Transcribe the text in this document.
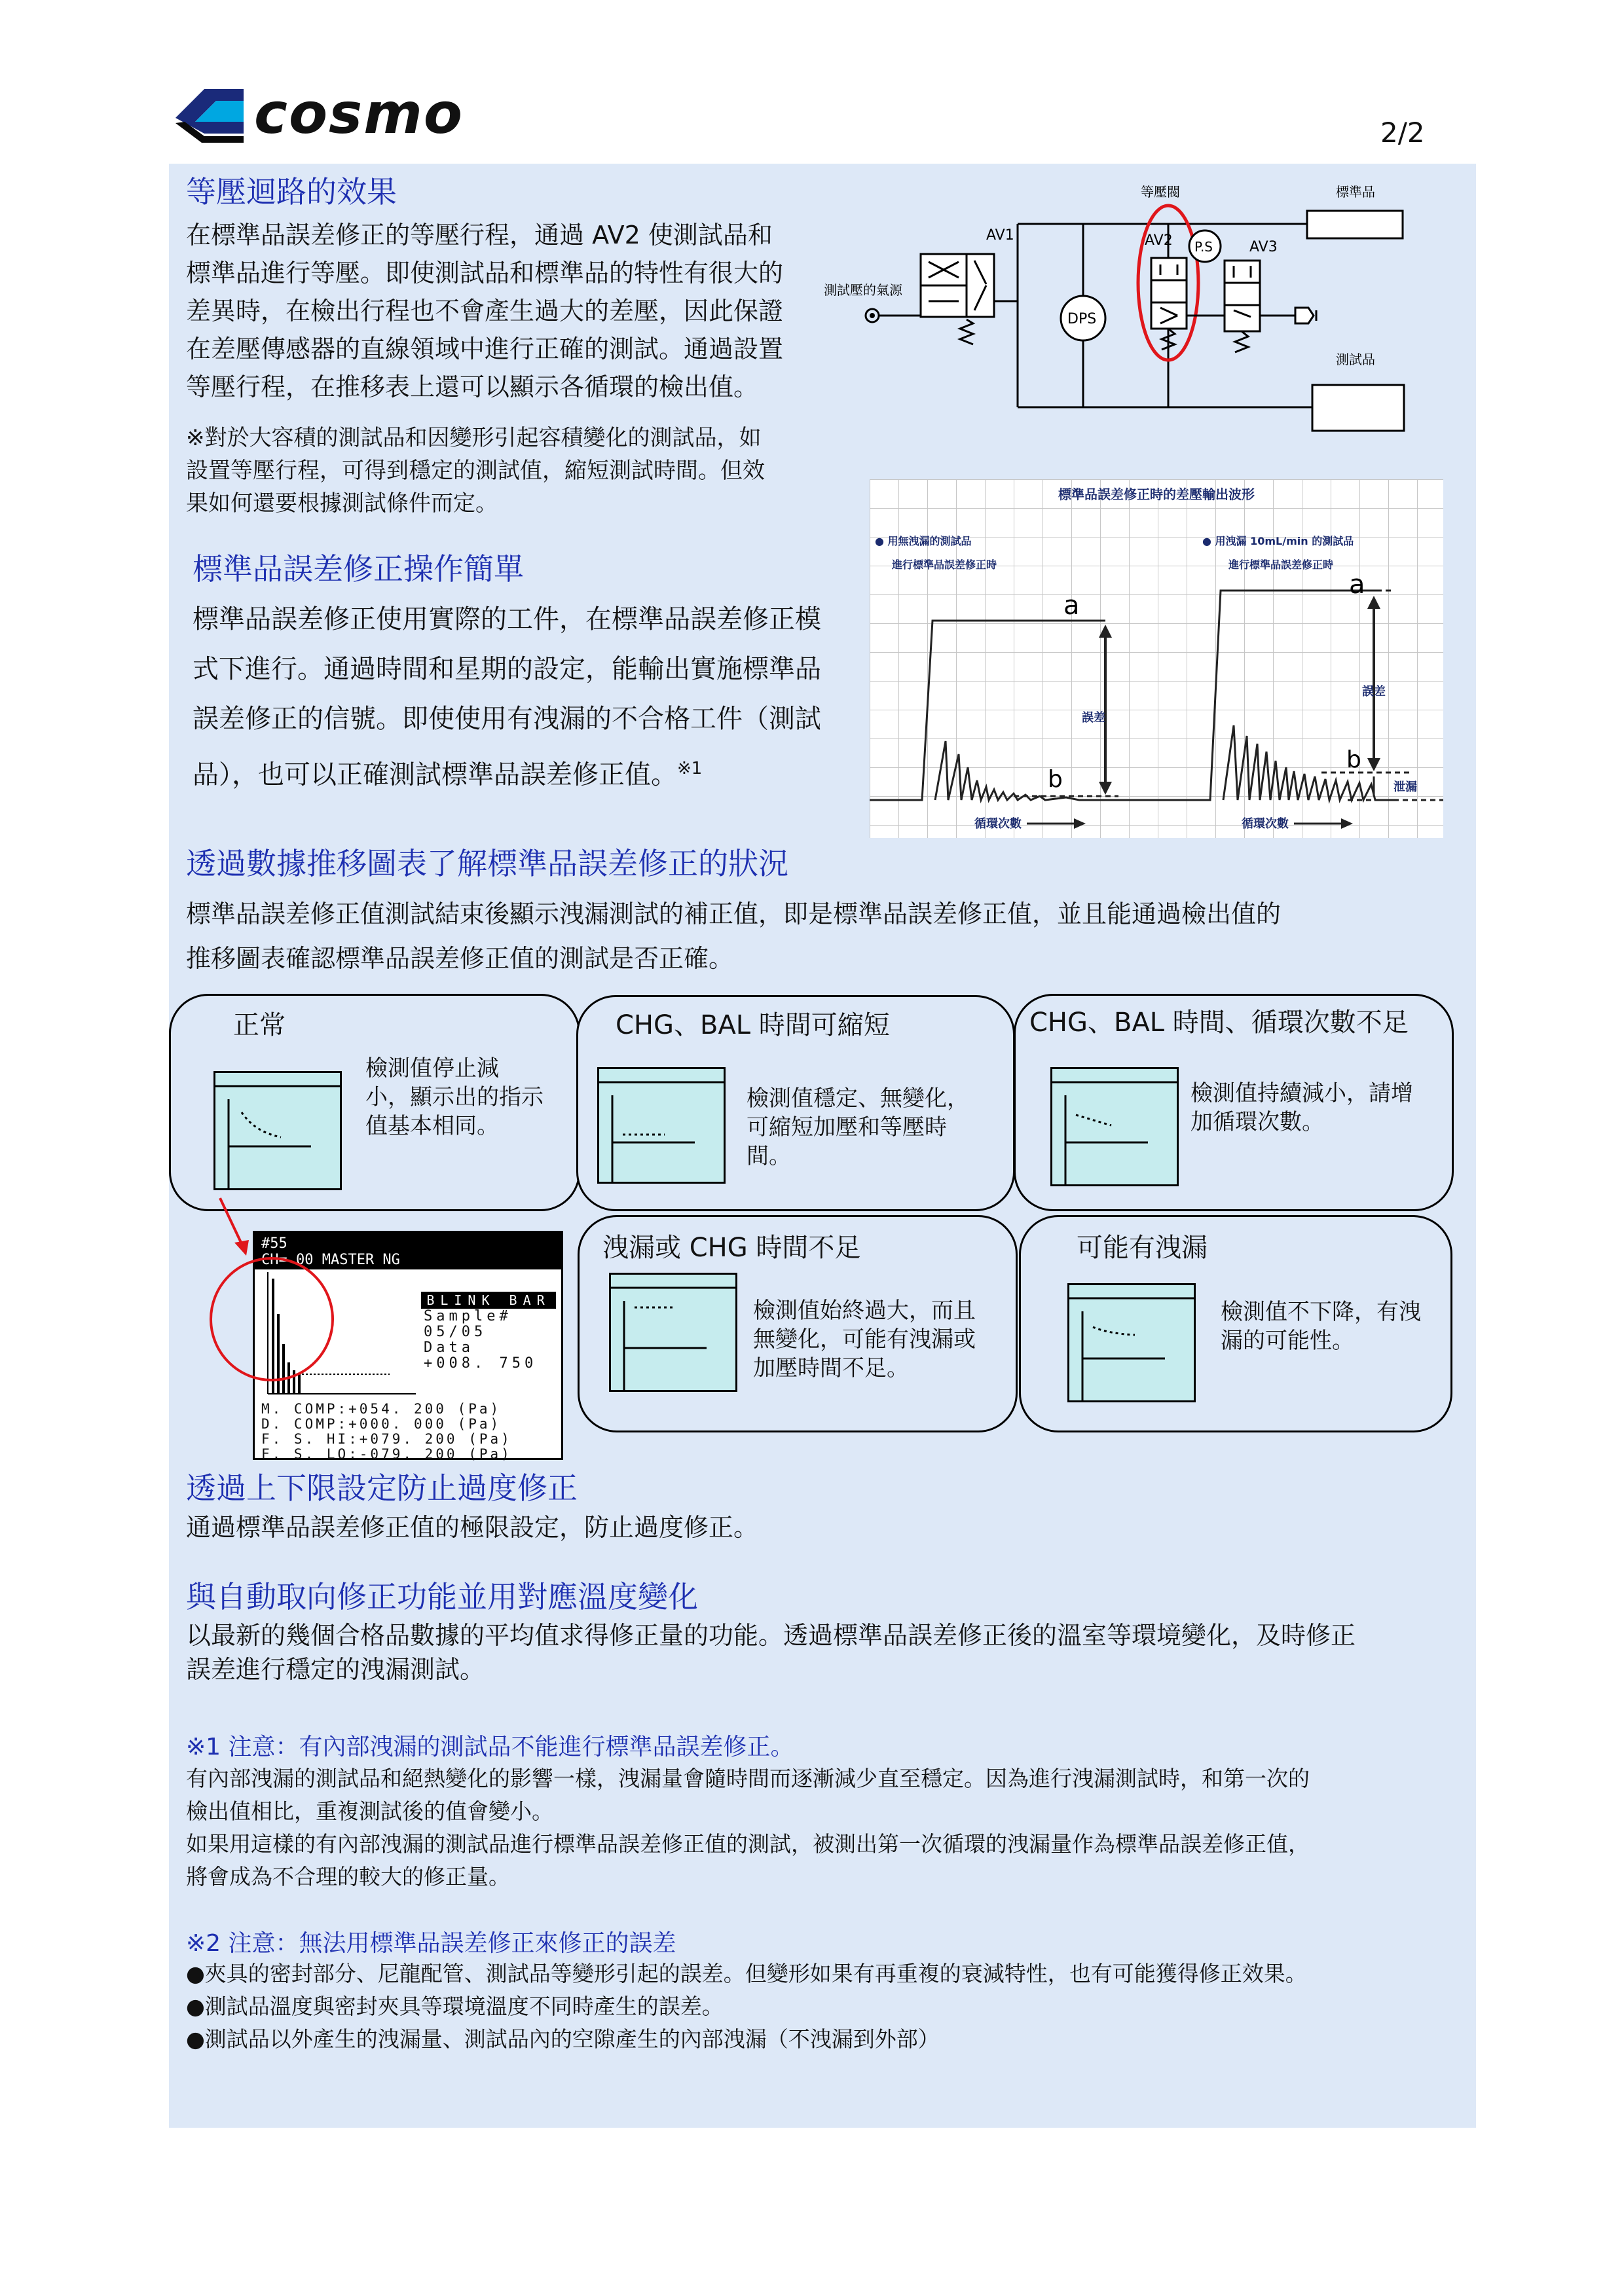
cosmo	2/2
等壓迴路的效果
在標準品誤差修正的等壓行程，通過 AV2 使測試品和
標準品進行等壓。即使測試品和標準品的特性有很大的
差異時，在檢出行程也不會產生過大的差壓，因此保證
在差壓傳感器的直線領域中進行正確的測試。通過設置
等壓行程，在推移表上還可以顯示各循環的檢出值。
※對於大容積的測試品和因變形引起容積變化的測試品，如
設置等壓行程，可得到穩定的測試值，縮短測試時間。但效
果如何還要根據測試條件而定。
等壓閥	標準品
測試品
測試壓的氣源
AV1
DPS
AV2 P.S	AV3
標準品誤差修正時的差壓輸出波形
● 用無洩漏的測試品
進行標準品誤差修正時
● 用洩漏 10mL/min 的測試品
進行標準品誤差修正時
a
b
誤差
循環次數
a
b
誤差
泄漏
循環次數
標準品誤差修正操作簡單
標準品誤差修正使用實際的工件，在標準品誤差修正模
式下進行。通過時間和星期的設定，能輸出實施標準品
誤差修正的信號。即使使用有洩漏的不合格工件（測試
品），也可以正確測試標準品誤差修正值。$^{※1}$
透過數據推移圖表了解標準品誤差修正的狀況
標準品誤差修正值測試結束後顯示洩漏測試的補正值，即是標準品誤差修正值，並且能通過檢出值的
推移圖表確認標準品誤差修正值的測試是否正確。
正常
檢測值停止減
小，顯示出的指示
值基本相同。
CHG、BAL 時間可縮短
檢測值穩定、無變化，
可縮短加壓和等壓時
間。
CHG、BAL 時間、循環次數不足
檢測值持續減小，請增
加循環次數。
洩漏或 CHG 時間不足
檢測值始終過大，而且
無變化，可能有洩漏或
加壓時間不足。
可能有洩漏
檢測值不下降，有洩
漏的可能性。
#55
CH= 00 MASTER NG
BLINK BAR
Sample#
05/05
Data
+008. 750
M. COMP:+054. 200 (Pa)
D. COMP:+000. 000 (Pa)
F. S. HI:+079. 200 (Pa)
F. S. LO:-079. 200 (Pa)
透過上下限設定防止過度修正
通過標準品誤差修正值的極限設定，防止過度修正。
與自動取向修正功能並用對應溫度變化
以最新的幾個合格品數據的平均值求得修正量的功能。透過標準品誤差修正後的溫室等環境變化，及時修正
誤差進行穩定的洩漏測試。
※1 注意：有內部洩漏的測試品不能進行標準品誤差修正。
有內部洩漏的測試品和絕熱變化的影響一樣，洩漏量會隨時間而逐漸減少直至穩定。因為進行洩漏測試時，和第一次的
檢出值相比，重複測試後的值會變小。
如果用這樣的有內部洩漏的測試品進行標準品誤差修正值的測試，被測出第一次循環的洩漏量作為標準品誤差修正值，
將會成為不合理的較大的修正量。
※2 注意：無法用標準品誤差修正來修正的誤差
●夾具的密封部分、尼龍配管、測試品等變形引起的誤差。但變形如果有再重複的衰減特性，也有可能獲得修正效果。
●測試品溫度與密封夾具等環境溫度不同時產生的誤差。
●測試品以外產生的洩漏量、測試品內的空隙產生的內部洩漏（不洩漏到外部）
